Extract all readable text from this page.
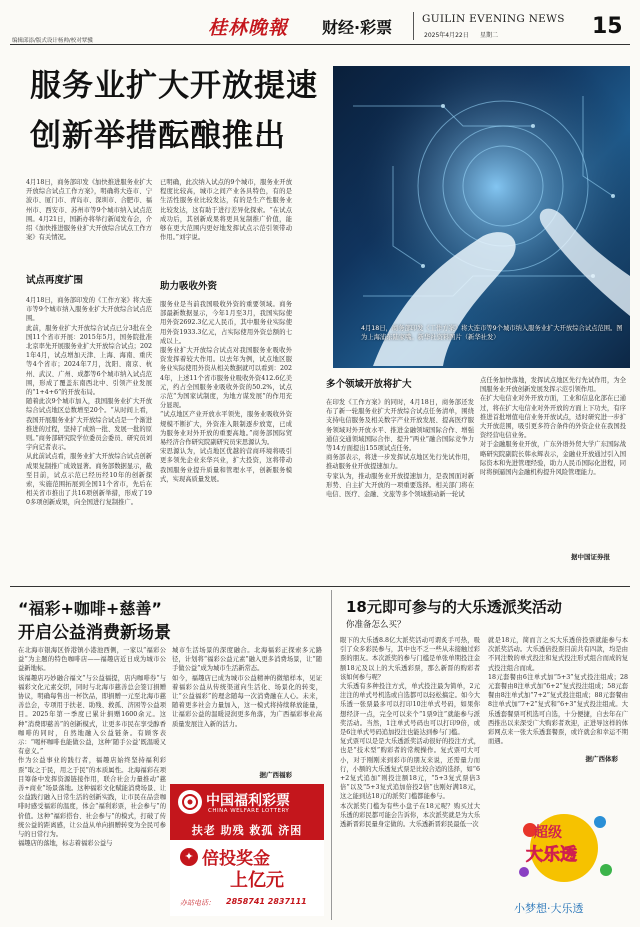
编辑邱添/版式设计杨帅/校对覃骥
桂林晚報 财经·彩票	GUILIN EVENING NEWS
2025年4月22日 星期二	15
服务业扩大开放提速
创新举措酝酿推出
4月18日，商务部印发《工作方案》将大连市等9个城市纳入服务业扩大开放综合试点范围。图为上海浦东陆家嘴。新华社资料图片（新华社发）
4月18日，商务部印发《加快推进服务业扩大开放综合试点工作方案》，明确将大连市、宁波市、厦门市、青岛市、深圳市、合肥市、福州市、西安市、苏州市等9个城市纳入试点范围。4月21日，国新办将举行新闻发布会，介绍《加快推进服务业扩大开放综合试点工作方案》有关情况。
试点再度扩围
4月18日，商务部印发的《工作方案》将大连市等9个城市纳入服务业扩大开放综合试点范围。
此前，服务业扩大开放综合试点已分3批在全国11个省市开展：2015年5月，国务院批准北京率先开展服务业扩大开放综合试点；2021年4月，试点增加天津、上海、海南、重庆等4个省市；2024年7月，沈阳、南京、杭州、武汉、广州、成都等6个城市纳入试点范围，形成了覆盖东南西北中、引领产业发展的“1+4+6”的开放布局。
随着此次9个城市加入，我国服务业扩大开放综合试点地区总数增至20个。“从时间上看，我国开展服务业扩大开放综合试点是一个渐进推进的过程，坚持了成熟一批、发展一批的原则。”商务部研究院学位委员会委员、研究员刘宇向记者表示。
从此前试点看，服务业扩大开放综合试点创新成果复制推广成效显著。商务部数据显示，截至目前，试点示范已经历经10年的创新探索，实施范围拓展到全国11个省市，先后在相关省市推出了共16项创新举措，形成了190多项创新成果，向全国进行复制推广。
已明确，此次纳入试点的9个城市，服务业开放程度比较高，城市之间产业各具特色，有的是生活性服务业比较发达，有的是生产性服务业比较发达，这有助于进行差异化探索。“在试点成功后，其创新成果将更具复制推广价值，能够在更大范围内更好地发挥试点示范引领带动作用。”刘宇说。
助力吸收外资
服务业是当前我国吸收外资的重要领域。商务部最新数据显示，今年1月至3月，我国实际使用外资2692.3亿元人民币，其中服务业实际使用外资1933.3亿元，占实际使用外资总额的七成以上。
服务业扩大开放综合试点对我国服务业吸收外资发挥着较大作用。以去年为例，试点地区服务业实际使用外资从相关数据就可以看到：2024年，上述11个省市服务业吸收外资412.6亿美元，约占全国服务业吸收外资的50.2%，试点示范“为国家试制度，为地方谋发展”的作用充分显现。
“试点地区产业开放水平领先，服务业吸收外资规模不断扩大，外资准入限制逐步放宽，已成为服务业对外开放的重要高地。”商务部国际贸易经济合作研究院副研究员宋思源认为。
宋思源认为，试点地区优越的营商环境将吸引更多领先企业来华兴业，扩大投资，这将带动我国服务业提升质量和管理水平，创新服务模式，实现高质量发展。
多个领域开放将扩大
在印发《工作方案》的同时，4月18日，商务部还发布了新一轮服务业扩大开放综合试点任务清单，围绕支持电信服务及相关数字产业开放发展、提高医疗服务领域对外开放水平、推进金融领域国际合作、增强通信交通领域国际合作、提升“两业”融合国际竞争力等14方面提出155项试点任务。
商务部表示，将进一步发挥试点地区先行先试作用，推动服务业开放提速加力。
专家认为，推动服务业开放提速加力，是我国面对新形势、自主扩大开放的一项重要选择。相关部门将在电信、医疗、金融、文旅等多个领域推动新一轮试
点任务加快落地，发挥试点地区先行先试作用，为全国服务业开放创新发展发挥示范引领作用。
在扩大电信业对外开放方面，工业和信息化部在已通过，将在扩大电信业对外开放的方面上下功夫，有序推进首批增值电信业务开放试点，适时研究进一步扩大开放范围，吸引更多符合条件的外资企业在我国投资经营电信业务。
对于金融服务业开放，广东外语外贸大学广东国际战略研究院副院长韩永辉表示，金融业开放通过引入国际资本和先进管理经验，助力人民币国际化进程，同时将倒逼国内金融机构提升风险管理能力。
据中国证券报
“福彩+咖啡+慈善”
开启公益消费新场景
在北海市银海区侨港镇小港池西侧，一家以“福彩公益”为主题的特色咖啡店——福趣店近日成为城市公益新地标。
该福趣店巧妙融合福文“与公益福提，店内咖啡券“与福彩文化元素交织，同时与北海市慈善总会签订捐赠协议，明确每售出一杯饮品，即捐赠一元至北海市慈善总会，专项用于扶老、助残、救孤、济困等公益项目。2025年第一季度已累计捐赠1600余元。这种“消费即慈善”的创新模式，让更多市民在享受醇香咖啡的同时，自然地融入公益链条。有顾客表示：“喝杯咖啡也能做公益，这种‘随手公益’既温暖又有意义。”
作为公益事业的践行者，福趣店始终坚持福利彩票“取之于民，用之于民”的本质属性。北海福彩在项目筹备中发挥资源链接作用，联合社会力量推动“慈善+商业”场景落地。这种福彩文化赋能消费场景、让公益践行融入日常生活的创新实践，让市民在品尝咖啡时感受福彩的温度，体会“福利彩票，社会参与”的价值。这种“福彩搭台、社会参与”的模式，打破了传统公益的距离感，让公益从单向捐赠转变为全民可参与的日常行为。
福趣店的落地，标志着福彩公益与
城市生活场景的深度融合。北海福彩正探索多元路径，计划将“福彩公益元素”融入更多消费场景，让“随手做公益”成为城市生活新常态。
如今，福趣店已成为城市公益精神的微缩样本，见证着福彩公益从传统渠道向生活化、场景化的转变，让“公益福彩”的理念随每一次消费融在人心。未来，随着更多社会力量加入，这一模式将持续释放能量，让福彩公益的温暖浸润更多角落，为广西福彩事业高质量发展注入新的活力。
据广西福彩
中国福利彩票
CHINA WELFARE LOTTERY
扶老 助残 救孤 济困
✦ 倍投奖金
上亿元
办站电话： 2858741 2837111
18元即可参与的大乐透派奖活动
你准备怎么买？
眼下的大乐透8.8亿大派奖活动可谓炙手可热，吸引了众多彩民参与，其中也不乏一些从未接触过彩票的朋友。本次派奖的参与门槛是单张单期投注金额18元及以上的大乐透彩票，那么新晋的购彩者该如何参与呢？
大乐透有多种投注方式，单式投注最为简单，2元注注的单式号机选或自选都可以轻松搞定。如今大乐透一张票最多可以打印10注单式号码，如果你想经济一点，完全可以来个“1票9注”就能参与派奖活动。当然，1注单式号码也可以打印9倍，或是6注单式号码追加投注也能达到参与门槛。
复式票可以是是大乐透派奖活动很好的投注方式，也是“技术型”购彩者的常规操作。复式票可大可小，对于刚刚来到彩市的朋友来说，还需量力而行，小额的大乐透复式票是比较合适的选择，如“6+2复式追加”则投注额18元，“5+3复式票倍3倍”以及“5+3复式追加倍投2倍”也刚好满18元，这之能到达18元的派奖门槛都能参与。
本次派奖门槛为有些小盘子在18元呢？购买过大乐透的彩民都可能会告诉你，本次派奖就是为大乐透新晋彩民量身定做的。大乐透新晋彩民最低一次
就是18元，简而言之买大乐透倍投票就能参与本次派奖活动。大乐透倍投票目前共有四款，均是由不同注数的单式投注和复式投注形式组合而成的复式投注组合而成。
18元套餐由6注单式加“5+3”复式投注组成；28元套餐由8注单式加“6+2”复式投注组成；58元套餐由8注单式加“7+2”复式投注组成；88元套餐由8注单式加“7+2”复式和“6+3”复式投注组成。大乐透套餐票可机选可自选，十分便捷，自去年在广西推出以来深受广大购彩者欢迎，正进导这样的体彩网点来一张大乐透套餐票，或许就会和幸运不期而遇。
据广西体彩
超级
大乐透
小梦想·大乐透
